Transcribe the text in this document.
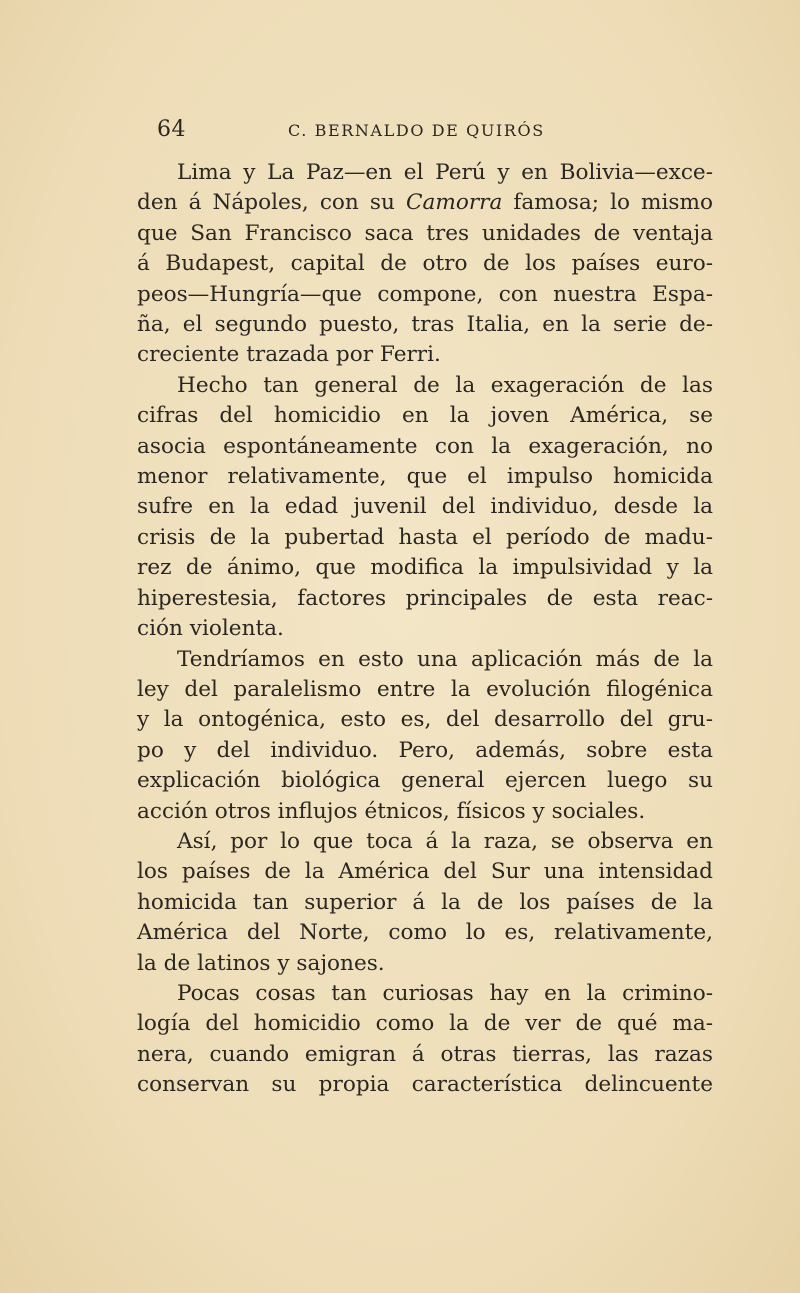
64	C. BERNALDO DE QUIRÓS
Lima y La Paz—en el Perú y en Bolivia—exce-
den á Nápoles, con su Camorra famosa; lo mismo
que San Francisco saca tres unidades de ventaja
á Budapest, capital de otro de los países euro-
peos—Hungría—que compone, con nuestra Espa-
ña, el segundo puesto, tras Italia, en la serie de-
creciente trazada por Ferri.
Hecho tan general de la exageración de las
cifras del homicidio en la joven América, se
asocia espontáneamente con la exageración, no
menor relativamente, que el impulso homicida
sufre en la edad juvenil del individuo, desde la
crisis de la pubertad hasta el período de madu-
rez de ánimo, que modifica la impulsividad y la
hiperestesia, factores principales de esta reac-
ción violenta.
Tendríamos en esto una aplicación más de la
ley del paralelismo entre la evolución filogénica
y la ontogénica, esto es, del desarrollo del gru-
po y del individuo. Pero, además, sobre esta
explicación biológica general ejercen luego su
acción otros influjos étnicos, físicos y sociales.
Así, por lo que toca á la raza, se observa en
los países de la América del Sur una intensidad
homicida tan superior á la de los países de la
América del Norte, como lo es, relativamente,
la de latinos y sajones.
Pocas cosas tan curiosas hay en la crimino-
logía del homicidio como la de ver de qué ma-
nera, cuando emigran á otras tierras, las razas
conservan su propia característica delincuente
